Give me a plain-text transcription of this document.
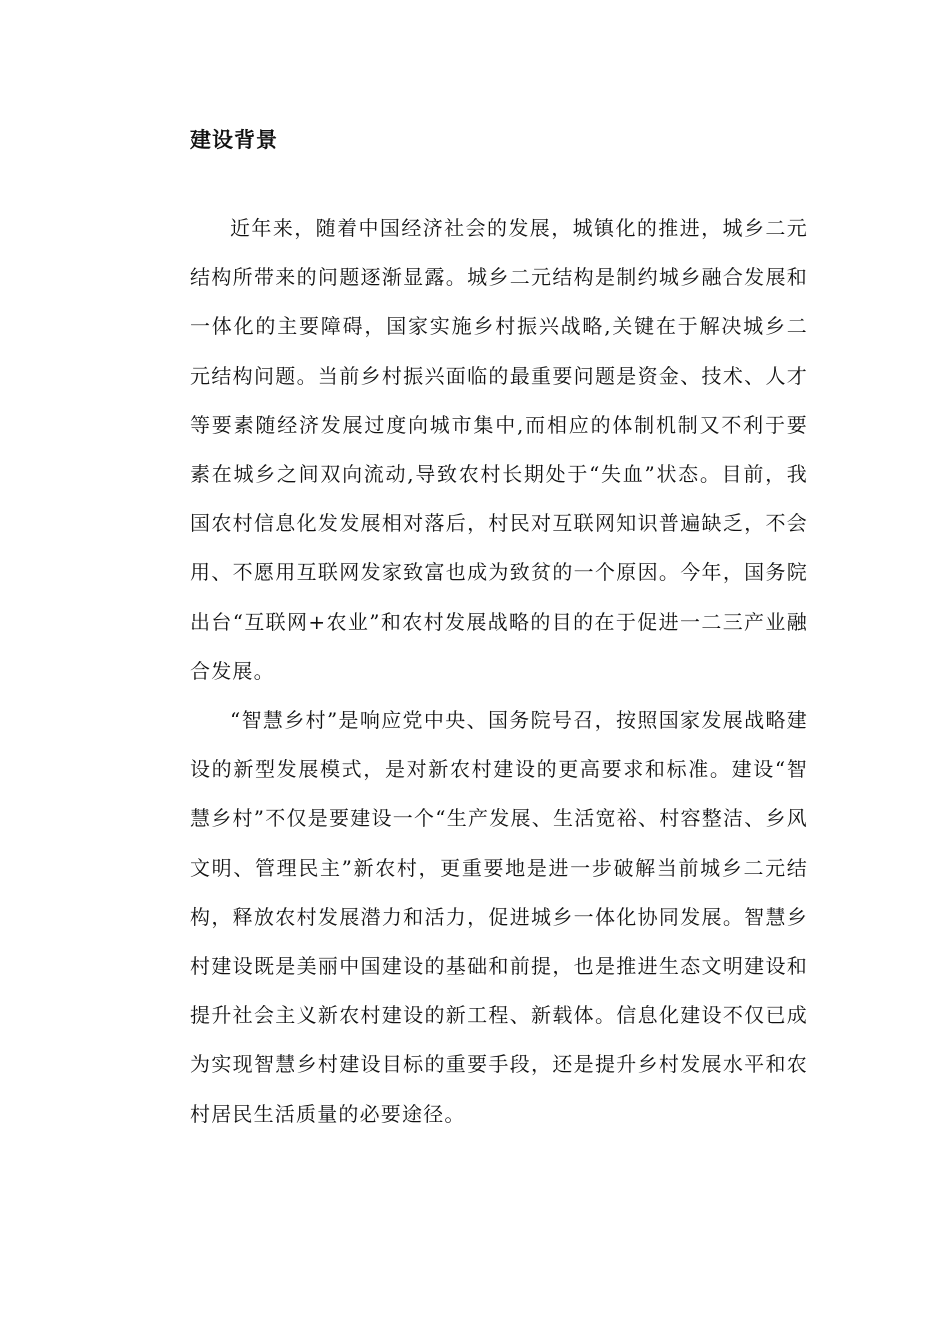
建设背景

近年来，随着中国经济社会的发展，城镇化的推进，城乡二元结构所带来的问题逐渐显露。城乡二元结构是制约城乡融合发展和一体化的主要障碍，国家实施乡村振兴战略,关键在于解决城乡二元结构问题。当前乡村振兴面临的最重要问题是资金、技术、人才等要素随经济发展过度向城市集中,而相应的体制机制又不利于要素在城乡之间双向流动,导致农村长期处于“失血”状态。目前，我国农村信息化发发展相对落后，村民对互联网知识普遍缺乏，不会用、不愿用互联网发家致富也成为致贫的一个原因。今年，国务院出台“互联网+农业”和农村发展战略的目的在于促进一二三产业融合发展。

“智慧乡村”是响应党中央、国务院号召，按照国家发展战略建设的新型发展模式，是对新农村建设的更高要求和标准。建设“智慧乡村”不仅是要建设一个“生产发展、生活宽裕、村容整洁、乡风文明、管理民主”新农村，更重要地是进一步破解当前城乡二元结构，释放农村发展潜力和活力，促进城乡一体化协同发展。智慧乡村建设既是美丽中国建设的基础和前提，也是推进生态文明建设和提升社会主义新农村建设的新工程、新载体。信息化建设不仅已成为实现智慧乡村建设目标的重要手段，还是提升乡村发展水平和农村居民生活质量的必要途径。
